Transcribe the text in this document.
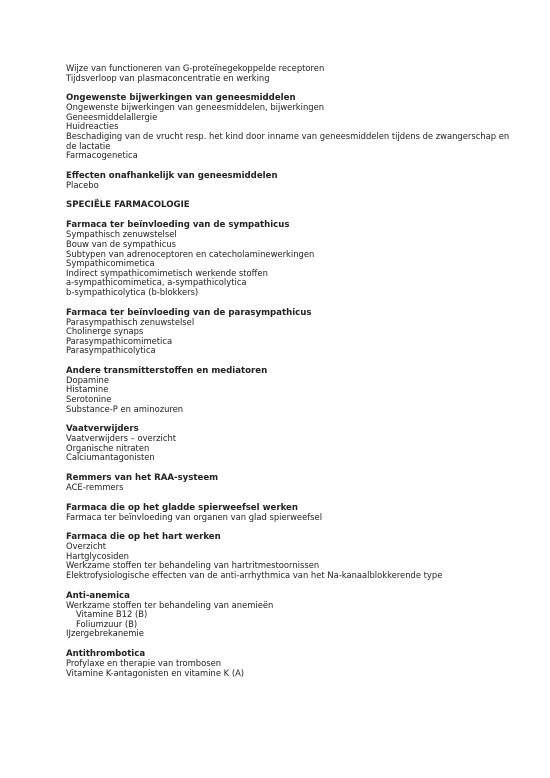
Wijze van functioneren van G-proteïnegekoppelde receptoren
Tijdsverloop van plasmaconcentratie en werking
Ongewenste bijwerkingen van geneesmiddelen
Ongewenste bijwerkingen van geneesmiddelen, bijwerkingen
Geneesmiddelallergie
Huidreacties
Beschadiging van de vrucht resp. het kind door inname van geneesmiddelen tijdens de zwangerschap en de lactatie
Farmacogenetica
Effecten onafhankelijk van geneesmiddelen
Placebo
SPECIËLE FARMACOLOGIE
Farmaca ter beïnvloeding van de sympathicus
Sympathisch zenuwstelsel
Bouw van de sympathicus
Subtypen van adrenoceptoren en catecholaminewerkingen
Sympathicomimetica
Indirect sympathicomimetisch werkende stoffen
a-sympathicomimetica, a-sympathicolytica
b-sympathicolytica (b-blokkers)
Farmaca ter beïnvloeding van de parasympathicus
Parasympathisch zenuwstelsel
Cholinerge synaps
Parasympathicomimetica
Parasympathicolytica
Andere transmitterstoffen en mediatoren
Dopamine
Histamine
Serotonine
Substance-P en aminozuren
Vaatverwijders
Vaatverwijders – overzicht
Organische nitraten
Calciumantagonisten
Remmers van het RAA-systeem
ACE-remmers
Farmaca die op het gladde spierweefsel werken
Farmaca ter beïnvloeding van organen van glad spierweefsel
Farmaca die op het hart werken
Overzicht
Hartglycosiden
Werkzame stoffen ter behandeling van hartritmestoornissen
Elektrofysiologische effecten van de anti-arrhythmica van het Na-kanaalblokkerende type
Anti-anemica
Werkzame stoffen ter behandeling van anemieën
Vitamine B12 (B)
Foliumzuur (B)
IJzergebrekanemie
Antithrombotica
Profylaxe en therapie van trombosen
Vitamine K-antagonisten en vitamine K (A)
